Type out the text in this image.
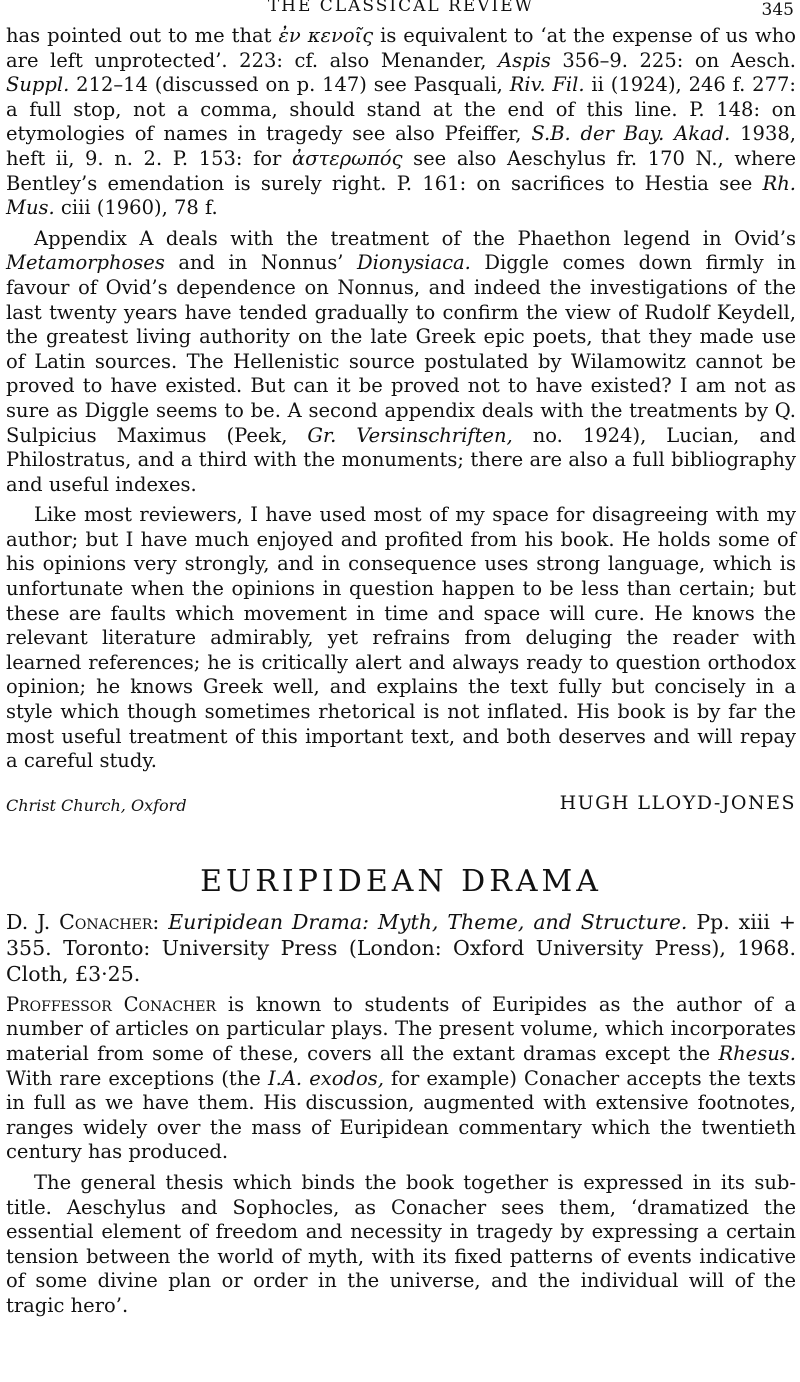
THE CLASSICAL REVIEW	345

has pointed out to me that ἐν κενοῖς is equivalent to ‘at the expense of us who are left unprotected’. 223: cf. also Menander, Aspis 356–9. 225: on Aesch. Suppl. 212–14 (discussed on p. 147) see Pasquali, Riv. Fil. ii (1924), 246 f. 277: a full stop, not a comma, should stand at the end of this line. P. 148: on etymologies of names in tragedy see also Pfeiffer, S.B. der Bay. Akad. 1938, heft ii, 9. n. 2. P. 153: for ἀστερωπός see also Aeschylus fr. 170 N., where Bentley’s emendation is surely right. P. 161: on sacrifices to Hestia see Rh. Mus. ciii (1960), 78 f.

Appendix A deals with the treatment of the Phaethon legend in Ovid’s Metamorphoses and in Nonnus’ Dionysiaca. Diggle comes down firmly in favour of Ovid’s dependence on Nonnus, and indeed the investigations of the last twenty years have tended gradually to confirm the view of Rudolf Keydell, the greatest living authority on the late Greek epic poets, that they made use of Latin sources. The Hellenistic source postulated by Wilamowitz cannot be proved to have existed. But can it be proved not to have existed? I am not as sure as Diggle seems to be. A second appendix deals with the treatments by Q. Sulpicius Maximus (Peek, Gr. Versinschriften, no. 1924), Lucian, and Philostratus, and a third with the monuments; there are also a full bibliography and useful indexes.

Like most reviewers, I have used most of my space for disagreeing with my author; but I have much enjoyed and profited from his book. He holds some of his opinions very strongly, and in consequence uses strong language, which is unfortunate when the opinions in question happen to be less than certain; but these are faults which movement in time and space will cure. He knows the relevant literature admirably, yet refrains from deluging the reader with learned references; he is critically alert and always ready to question orthodox opinion; he knows Greek well, and explains the text fully but concisely in a style which though sometimes rhetorical is not inflated. His book is by far the most useful treatment of this important text, and both deserves and will repay a careful study.

Christ Church, Oxford	HUGH LLOYD-JONES
EURIPIDEAN DRAMA

D. J. Conacher: Euripidean Drama: Myth, Theme, and Structure. Pp. xiii + 355. Toronto: University Press (London: Oxford University Press), 1968. Cloth, £3·25.

Proffessor Conacher is known to students of Euripides as the author of a number of articles on particular plays. The present volume, which incorporates material from some of these, covers all the extant dramas except the Rhesus. With rare exceptions (the I.A. exodos, for example) Conacher accepts the texts in full as we have them. His discussion, augmented with extensive footnotes, ranges widely over the mass of Euripidean commentary which the twentieth century has produced.

The general thesis which binds the book together is expressed in its sub-title. Aeschylus and Sophocles, as Conacher sees them, ‘dramatized the essential element of freedom and necessity in tragedy by expressing a certain tension between the world of myth, with its fixed patterns of events indicative of some divine plan or order in the universe, and the individual will of the tragic hero’.
